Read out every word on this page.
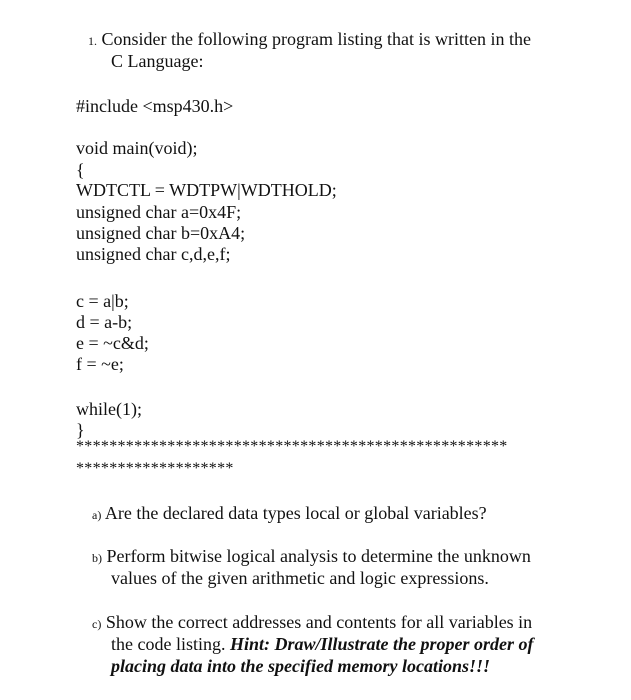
1. Consider the following program listing that is written in the
C Language:
#include <msp430.h>
void main(void);
{
WDTCTL = WDTPW|WDTHOLD;
unsigned char a=0x4F;
unsigned char b=0xA4;
unsigned char c,d,e,f;
c = a|b;
d = a-b;
e = ~c&d;
f = ~e;
while(1);
}
****************************************************
*******************
a) Are the declared data types local or global variables?
b) Perform bitwise logical analysis to determine the unknown
values of the given arithmetic and logic expressions.
c) Show the correct addresses and contents for all variables in
the code listing. Hint: Draw/Illustrate the proper order of
placing data into the specified memory locations!!!
